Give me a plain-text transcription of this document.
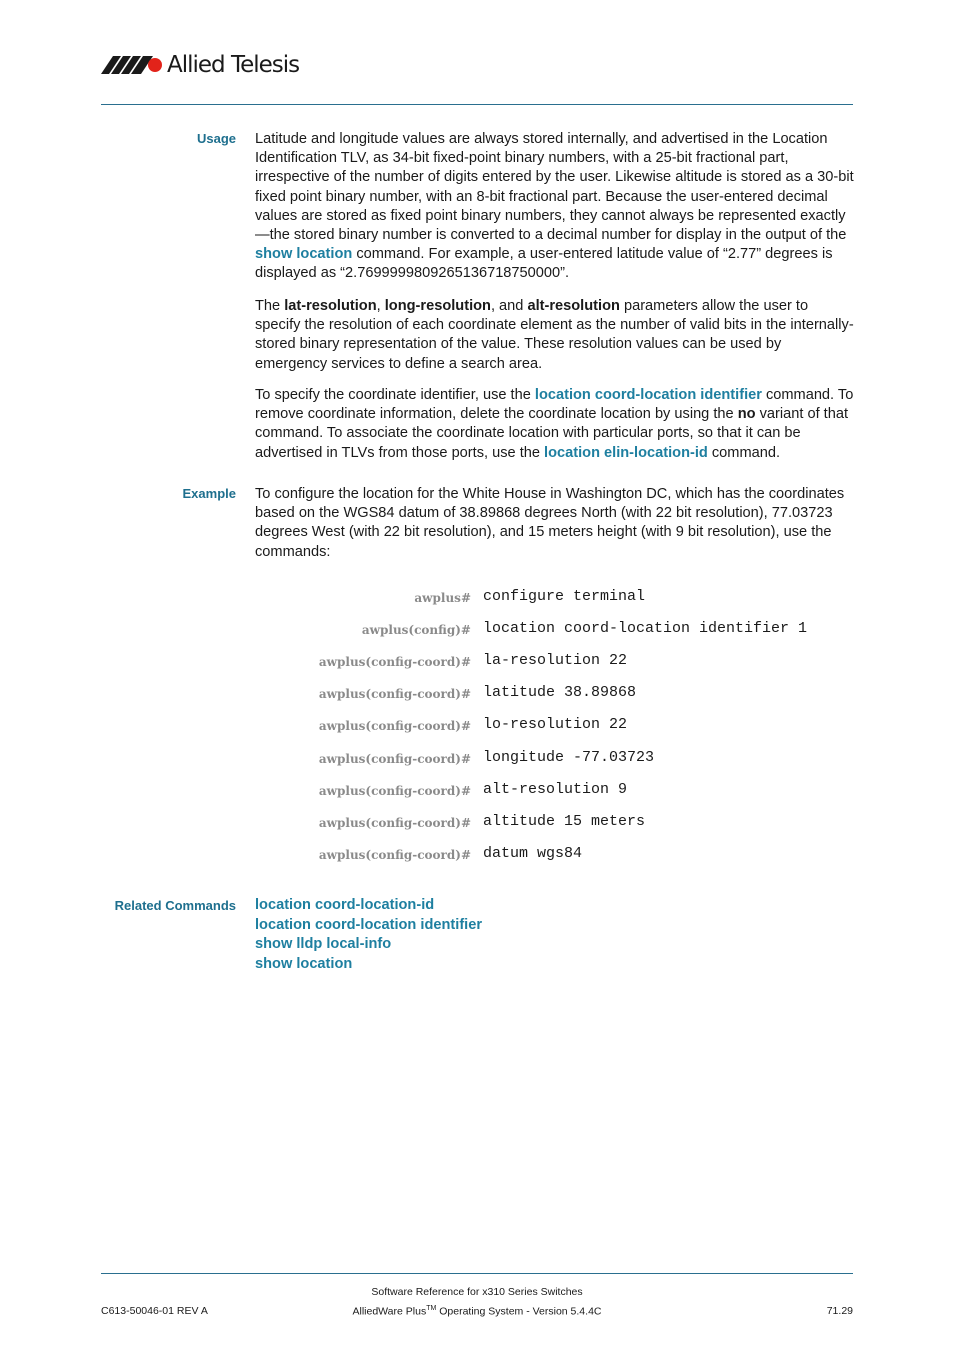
Allied Telesis
Usage Latitude and longitude values are always stored internally, and advertised in the Location Identification TLV, as 34-bit fixed-point binary numbers, with a 25-bit fractional part, irrespective of the number of digits entered by the user. Likewise altitude is stored as a 30-bit fixed point binary number, with an 8-bit fractional part. Because the user-entered decimal values are stored as fixed point binary numbers, they cannot always be represented exactly—the stored binary number is converted to a decimal number for display in the output of the show location command. For example, a user-entered latitude value of “2.77” degrees is displayed as “2.7699999809265136718750000”.

The lat-resolution, long-resolution, and alt-resolution parameters allow the user to specify the resolution of each coordinate element as the number of valid bits in the internally-stored binary representation of the value. These resolution values can be used by emergency services to define a search area.

To specify the coordinate identifier, use the location coord-location identifier command. To remove coordinate information, delete the coordinate location by using the no variant of that command. To associate the coordinate location with particular ports, so that it can be advertised in TLVs from those ports, use the location elin-location-id command.

Example To configure the location for the White House in Washington DC, which has the coordinates based on the WGS84 datum of 38.89868 degrees North (with 22 bit resolution), 77.03723 degrees West (with 22 bit resolution), and 15 meters height (with 9 bit resolution), use the commands:

awplus# configure terminal
awplus(config)# location coord-location identifier 1
awplus(config-coord)# la-resolution 22
awplus(config-coord)# latitude 38.89868
awplus(config-coord)# lo-resolution 22
awplus(config-coord)# longitude -77.03723
awplus(config-coord)# alt-resolution 9
awplus(config-coord)# altitude 15 meters
awplus(config-coord)# datum wgs84
Related Commands location coord-location-id
location coord-location identifier
show lldp local-info
show location
Software Reference for x310 Series Switches
AlliedWare Plus™ Operating System - Version 5.4.4C
C613-50046-01 REV A	71.29
